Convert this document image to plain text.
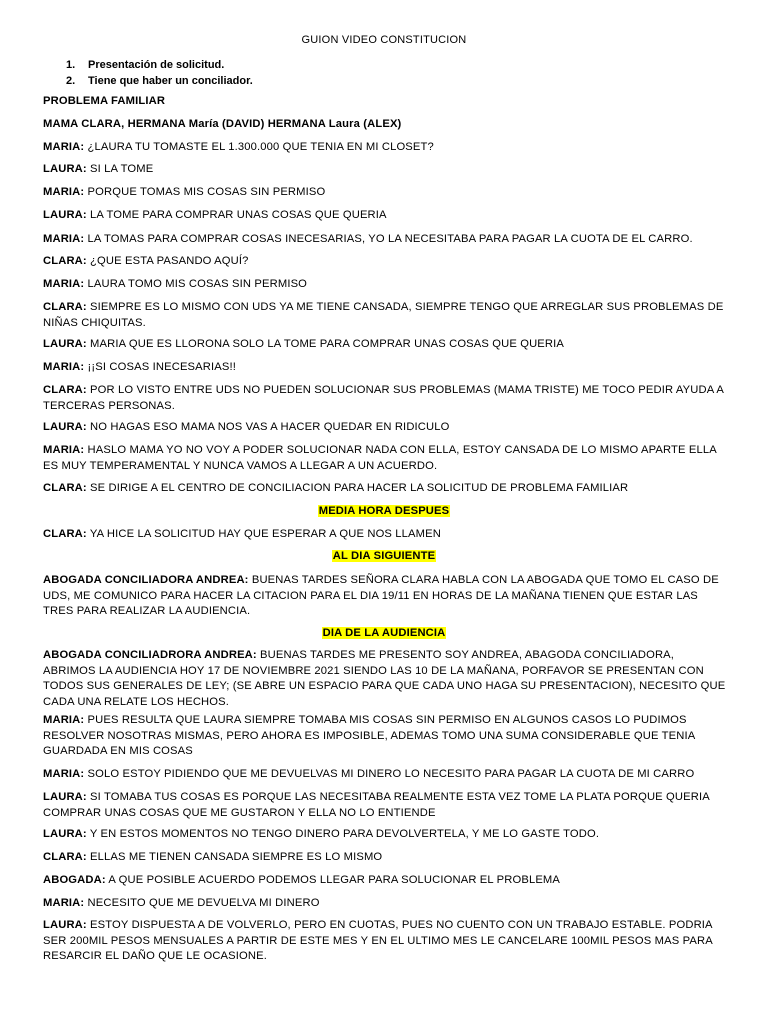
GUION VIDEO CONSTITUCION
1. Presentación de solicitud.
2. Tiene que haber un conciliador.
PROBLEMA FAMILIAR
MAMA CLARA, HERMANA María (DAVID) HERMANA Laura (ALEX)
MARIA: ¿LAURA TU TOMASTE EL 1.300.000 QUE TENIA EN MI CLOSET?
LAURA: SI LA TOME
MARIA: PORQUE TOMAS MIS COSAS SIN PERMISO
LAURA: LA TOME PARA COMPRAR UNAS COSAS QUE QUERIA
MARIA: LA TOMAS PARA COMPRAR COSAS INECESARIAS, YO LA NECESITABA PARA PAGAR LA CUOTA DE EL CARRO.
CLARA: ¿QUE ESTA PASANDO AQUÍ?
MARIA: LAURA TOMO MIS COSAS SIN PERMISO
CLARA: SIEMPRE ES LO MISMO CON UDS YA ME TIENE CANSADA, SIEMPRE TENGO QUE ARREGLAR SUS PROBLEMAS DE NIÑAS CHIQUITAS.
LAURA: MARIA QUE ES LLORONA SOLO LA TOME PARA COMPRAR UNAS COSAS QUE QUERIA
MARIA: ¡¡SI COSAS INECESARIAS!!
CLARA: POR LO VISTO ENTRE UDS NO PUEDEN SOLUCIONAR SUS PROBLEMAS (MAMA TRISTE) ME TOCO PEDIR AYUDA A TERCERAS PERSONAS.
LAURA: NO HAGAS ESO MAMA NOS VAS A HACER QUEDAR EN RIDICULO
MARIA: HASLO MAMA YO NO VOY A PODER SOLUCIONAR NADA CON ELLA, ESTOY CANSADA DE LO MISMO APARTE ELLA ES MUY TEMPERAMENTAL Y NUNCA VAMOS A LLEGAR A UN ACUERDO.
CLARA: SE DIRIGE A EL CENTRO DE CONCILIACION PARA HACER LA SOLICITUD DE PROBLEMA FAMILIAR
MEDIA HORA DESPUES
CLARA: YA HICE LA SOLICITUD HAY QUE ESPERAR A QUE NOS LLAMEN
AL DIA SIGUIENTE
ABOGADA CONCILIADORA ANDREA: BUENAS TARDES SEÑORA CLARA HABLA CON LA ABOGADA QUE TOMO EL CASO DE UDS, ME COMUNICO PARA HACER LA CITACION PARA EL DIA 19/11 EN HORAS DE LA MAÑANA TIENEN QUE ESTAR LAS TRES PARA REALIZAR LA AUDIENCIA.
DIA DE LA AUDIENCIA
ABOGADA CONCILIADRORA ANDREA: BUENAS TARDES ME PRESENTO SOY ANDREA, ABAGODA CONCILIADORA, ABRIMOS LA AUDIENCIA HOY 17 DE NOVIEMBRE 2021 SIENDO LAS 10 DE LA MAÑANA, PORFAVOR SE PRESENTAN CON TODOS SUS GENERALES DE LEY; (SE ABRE UN ESPACIO PARA QUE CADA UNO HAGA SU PRESENTACION), NECESITO QUE CADA UNA RELATE LOS HECHOS.
MARIA: PUES RESULTA QUE LAURA SIEMPRE TOMABA MIS COSAS SIN PERMISO EN ALGUNOS CASOS LO PUDIMOS RESOLVER NOSOTRAS MISMAS, PERO AHORA ES IMPOSIBLE, ADEMAS TOMO UNA SUMA CONSIDERABLE QUE TENIA GUARDADA EN MIS COSAS
MARIA: SOLO ESTOY PIDIENDO QUE ME DEVUELVAS MI DINERO LO NECESITO PARA PAGAR LA CUOTA DE MI CARRO
LAURA: SI TOMABA TUS COSAS ES PORQUE LAS NECESITABA REALMENTE ESTA VEZ TOME LA PLATA PORQUE QUERIA COMPRAR UNAS COSAS QUE ME GUSTARON Y ELLA NO LO ENTIENDE
LAURA: Y EN ESTOS MOMENTOS NO TENGO DINERO PARA DEVOLVERTELA, Y ME LO GASTE TODO.
CLARA: ELLAS ME TIENEN CANSADA SIEMPRE ES LO MISMO
ABOGADA: A QUE POSIBLE ACUERDO PODEMOS LLEGAR PARA SOLUCIONAR EL PROBLEMA
MARIA: NECESITO QUE ME DEVUELVA MI DINERO
LAURA: ESTOY DISPUESTA A DE VOLVERLO, PERO EN CUOTAS, PUES NO CUENTO CON UN TRABAJO ESTABLE. PODRIA SER 200MIL PESOS MENSUALES A PARTIR DE ESTE MES Y EN EL ULTIMO MES LE CANCELARE 100MIL PESOS MAS PARA RESARCIR EL DAÑO QUE LE OCASIONE.
